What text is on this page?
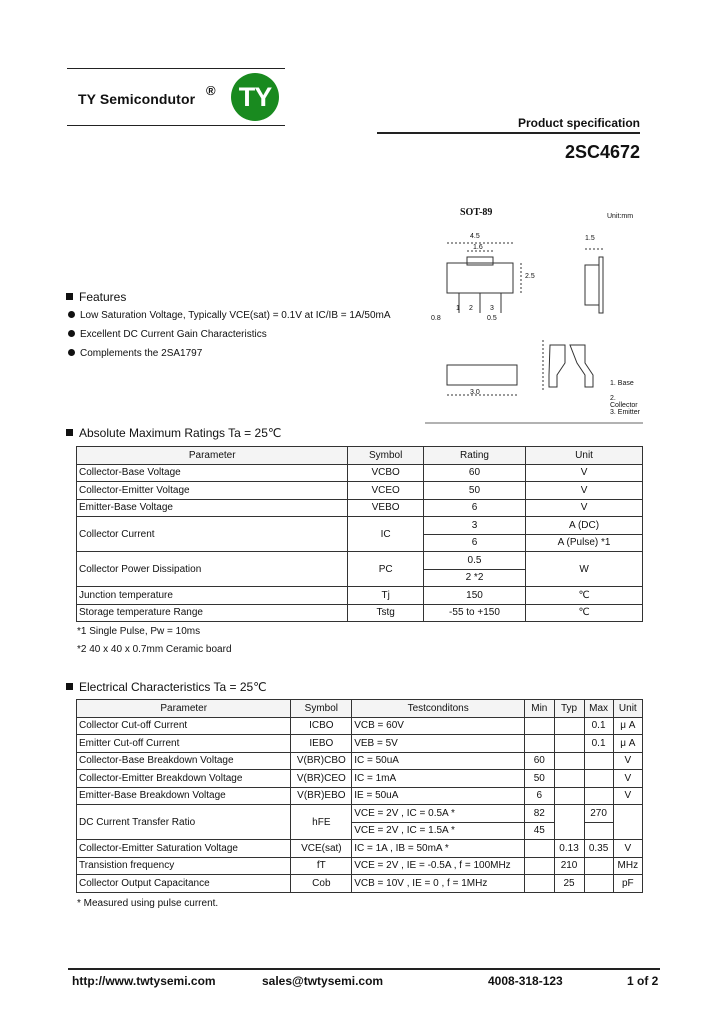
TY Semicondutor
® TY
Product specification
2SC4672
SOT-89	Unit:mm
4.5
1.6
1.5
2.5
0.8	0.5
3.0
1 2 3
1. Base
2. Collector
3. Emitter
Features
Low Saturation Voltage, Typically VCE(sat) = 0.1V at IC/IB = 1A/50mA
Excellent DC Current Gain Characteristics
Complements the 2SA1797
Absolute Maximum Ratings Ta = 25℃
Parameter	Symbol	Rating	Unit
Collector-Base Voltage	VCBO	60	V
Collector-Emitter Voltage	VCEO	50	V
Emitter-Base Voltage	VEBO	6	V
Collector Current	IC	3	A (DC)
		6	A (Pulse) *1
Collector Power Dissipation	PC	0.5	W
		2 *2	
Junction temperature	Tj	150	℃
Storage temperature Range	Tstg	-55 to +150	℃
*1 Single Pulse, Pw = 10ms
*2 40 x 40 x 0.7mm Ceramic board
Electrical Characteristics Ta = 25℃
Parameter	Symbol	Testconditons	Min	Typ	Max	Unit
Collector Cut-off Current	ICBO	VCB = 60V			0.1	μ A
Emitter Cut-off Current	IEBO	VEB = 5V			0.1	μ A
Collector-Base Breakdown Voltage	V(BR)CBO	IC = 50uA	60			V
Collector-Emitter Breakdown Voltage	V(BR)CEO	IC = 1mA	50			V
Emitter-Base Breakdown Voltage	V(BR)EBO	IE = 50uA	6			V
DC Current Transfer Ratio	hFE	VCE = 2V , IC = 0.5A *	82		270	
		VCE = 2V , IC = 1.5A *	45			
Collector-Emitter Saturation Voltage	VCE(sat)	IC = 1A , IB = 50mA *		0.13	0.35	V
Transistion frequency	fT	VCE = 2V , IE = -0.5A , f = 100MHz		210		MHz
Collector Output Capacitance	Cob	VCB = 10V , IE = 0 , f = 1MHz		25		pF
* Measured using pulse current.
http://www.twtysemi.com	sales@twtysemi.com	4008-318-123	1 of 2
